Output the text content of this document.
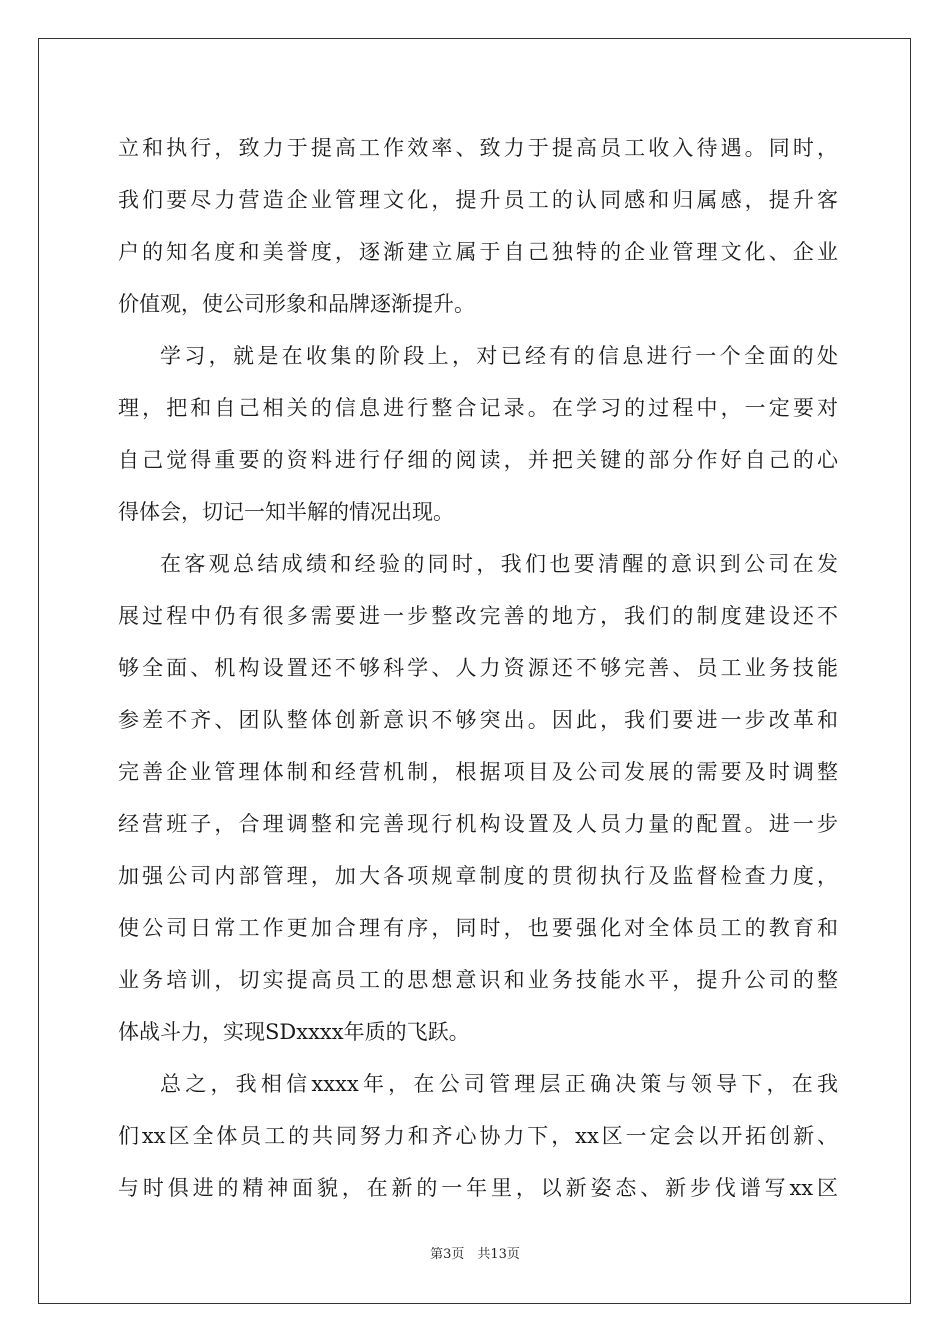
立和执行，致力于提高工作效率、致力于提高员工收入待遇。同时，
我们要尽力营造企业管理文化，提升员工的认同感和归属感，提升客
户的知名度和美誉度，逐渐建立属于自己独特的企业管理文化、企业
价值观，使公司形象和品牌逐渐提升。
学习，就是在收集的阶段上，对已经有的信息进行一个全面的处
理，把和自己相关的信息进行整合记录。在学习的过程中，一定要对
自己觉得重要的资料进行仔细的阅读，并把关键的部分作好自己的心
得体会，切记一知半解的情况出现。
在客观总结成绩和经验的同时，我们也要清醒的意识到公司在发
展过程中仍有很多需要进一步整改完善的地方，我们的制度建设还不
够全面、机构设置还不够科学、人力资源还不够完善、员工业务技能
参差不齐、团队整体创新意识不够突出。因此，我们要进一步改革和
完善企业管理体制和经营机制，根据项目及公司发展的需要及时调整
经营班子，合理调整和完善现行机构设置及人员力量的配置。进一步
加强公司内部管理，加大各项规章制度的贯彻执行及监督检查力度，
使公司日常工作更加合理有序，同时，也要强化对全体员工的教育和
业务培训，切实提高员工的思想意识和业务技能水平，提升公司的整
体战斗力，实现SDxxxx年质的飞跃。
总之，我相信xxxx年，在公司管理层正确决策与领导下，在我
们xx区全体员工的共同努力和齐心协力下，xx区一定会以开拓创新、
与时俱进的精神面貌，在新的一年里，以新姿态、新步伐谱写xx区
第3页　共13页
